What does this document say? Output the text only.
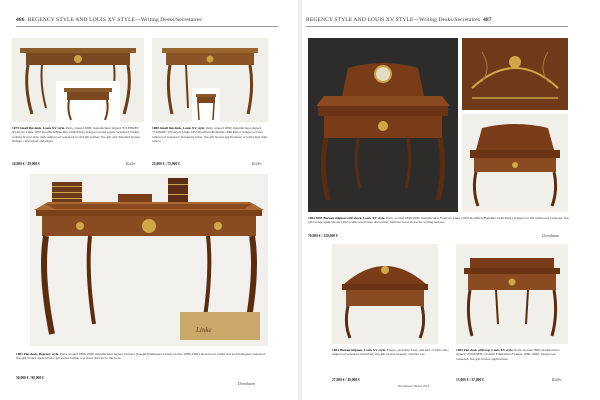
486 REGENCY STYLE AND LOUIS XV STYLE—Writing Desks/Secretaires
1079 Small flat desk, Louis XV style. Paris, around 1890; manufacturer signed "E.LEBRET (François Linke 1855 Rouffach/Bohemia-1946 Paris). Kingwood and sapele veneered; lidded writing drawer side, dark tulipwood veneered, tooled gilt leather, fire-gilt and chiselled bronze fittings; carved feet and edges.
16,000 € / 20,000 €	Koller
1080 Small flat desk, Louis XV style. Paris, around 1890; manufacturer signed "F.LINKE" (François Linke 1855 Rouffach/Bohemia-1946 Paris). Kingwood and tulipwood veneered; marquetry inlay, fire-gilt bronze applications; scrolled legs with sabots.
25,000 € / 75,000 €	Koller
Linke
1081 Flat desk, Regency style. Paris, around 1890/1900; manufacturer signed Zwiener (Joseph Emmanuel Zwiener active 1880-1900). Rosewood, tulipwood and mahogany veneered, fire-gilt bronze applications; gilt tooled leather top; three drawers to the front.
50,000 € / 90,000 €
Dorotheum
REGENCY STYLE AND LOUIS XV STYLE—Writing Desks/Secretaires 487
1082/1083 Bureau mignon with clock, Louis XV style. Paris, around 1890/1900; manufacturer Francois Linke (1855 Rouffach/Bohemia-1946 Paris). Kingwood and satinwood veneered, fire-gilt bronze applications with rocaille and foliate decoration; tambour front above the writing surface.
70,000 € / 120,000 €	Dorotheum
1084 Bureau mignon, Louis XV style. France, probably Paris, 2nd half of 19th cent.; tulipwood veneered and inlaid; fire-gilt bronze mounts; cylinder top.
27,000 € / 49,000 €
Dorotheum Vienna 2010
1085 Flat desk with top, Louis XV style. Paris, around 1890; manufacturer signed "ZWIENER" (Joseph Emmanuel Zwiener 1880-1900). Kingwood veneered, fire-gilt bronze applications.
13,000 € / 37,000 €	Koller
